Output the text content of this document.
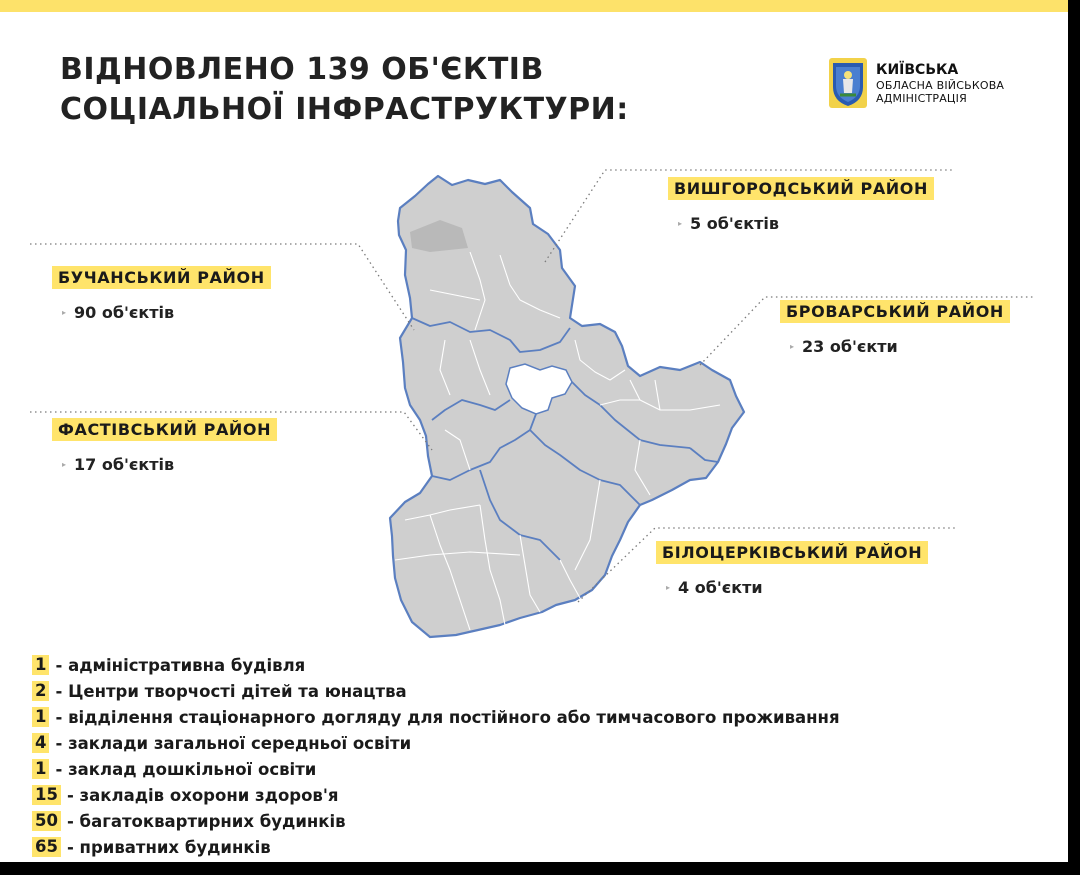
ВІДНОВЛЕНО 139 ОБ'ЄКТІВ
СОЦІАЛЬНОЇ ІНФРАСТРУКТУРИ:
КИЇВСЬКА
ОБЛАСНА ВІЙСЬКОВА
АДМІНІСТРАЦІЯ
ВИШГОРОДСЬКИЙ РАЙОН
▸ 5 об'єктів
БУЧАНСЬКИЙ РАЙОН
▸ 90 об'єктів	БРОВАРСЬКИЙ РАЙОН
▸ 23 об'єкти
ФАСТІВСЬКИЙ РАЙОН
▸ 17 об'єктів
БІЛОЦЕРКІВСЬКИЙ РАЙОН
▸ 4 об'єкти
1 - адміністративна будівля
2 - Центри творчості дітей та юнацтва
1 - відділення стаціонарного догляду для постійного або тимчасового проживання
4 - заклади загальної середньої освіти
1 - заклад дошкільної освіти
15 - закладів охорони здоров'я
50 - багатоквартирних будинків
65 - приватних будинків
